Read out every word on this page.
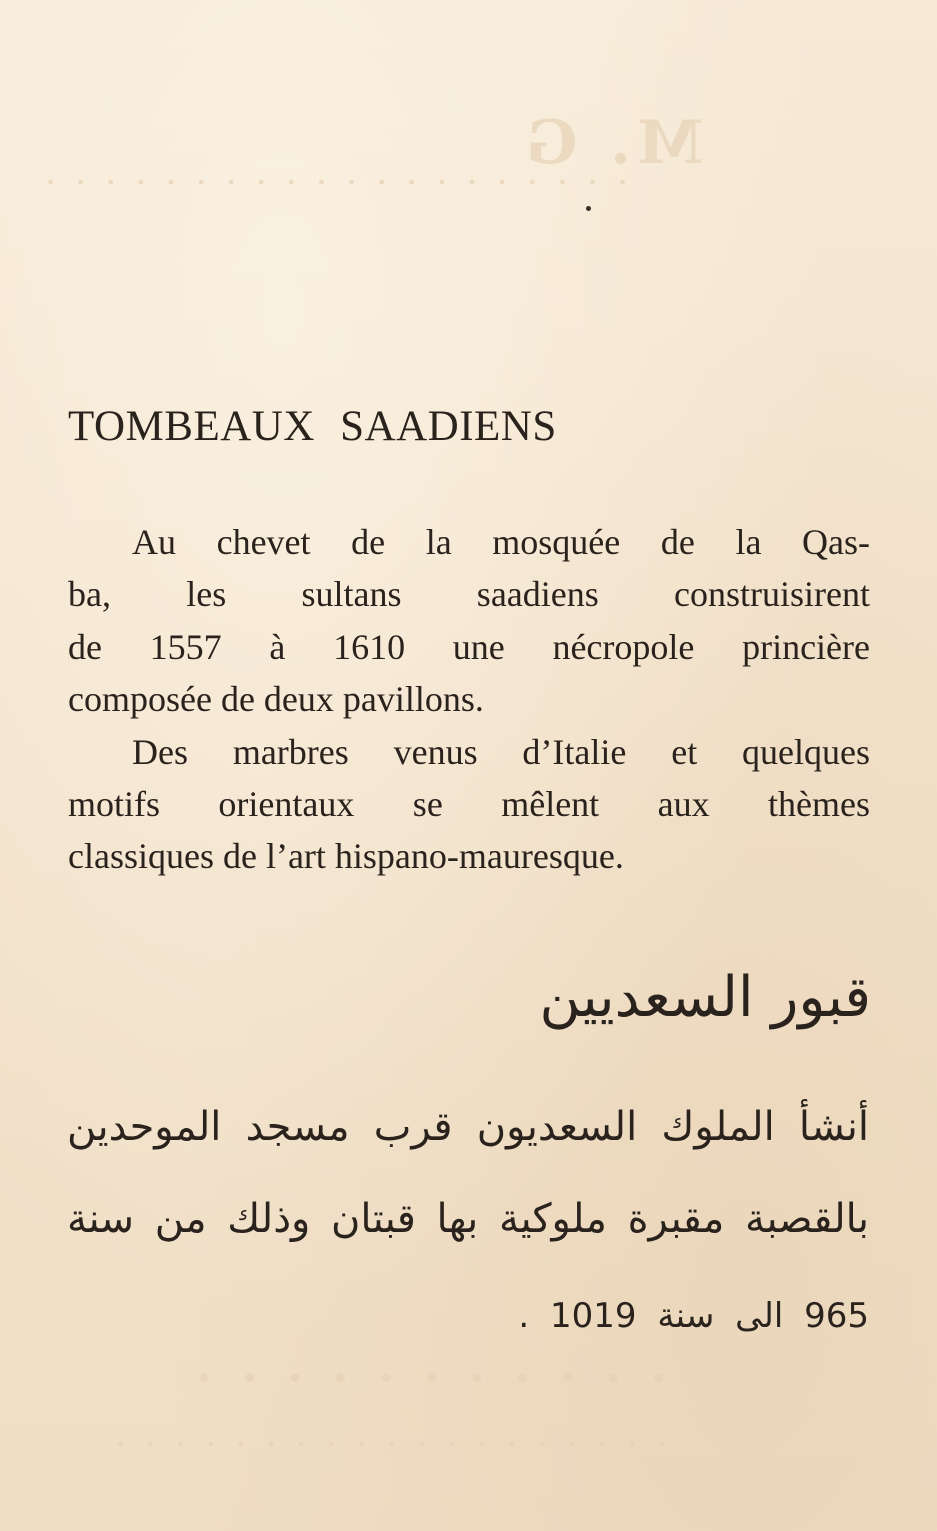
M. G
· · · · · · · · · · · · · · · · · · · ·
· · · · · · · · · · ·
· · · · · · · · · · · · · · · · · · ·
TOMBEAUX SAADIENS

Au chevet de la mosquée de la Qas-
ba, les sultans saadiens construisirent
de 1557 à 1610 une nécropole princière
composée de deux pavillons.
Des marbres venus d’Italie et quelques
motifs orientaux se mêlent aux thèmes
classiques de l’art hispano-mauresque.

قبور السعديين

أنشأ الملوك السعديون قرب مسجد الموحدين

بالقصبة مقبرة ملوكية بها قبتان وذلك من سنة

965 الى سنة 1019 .
